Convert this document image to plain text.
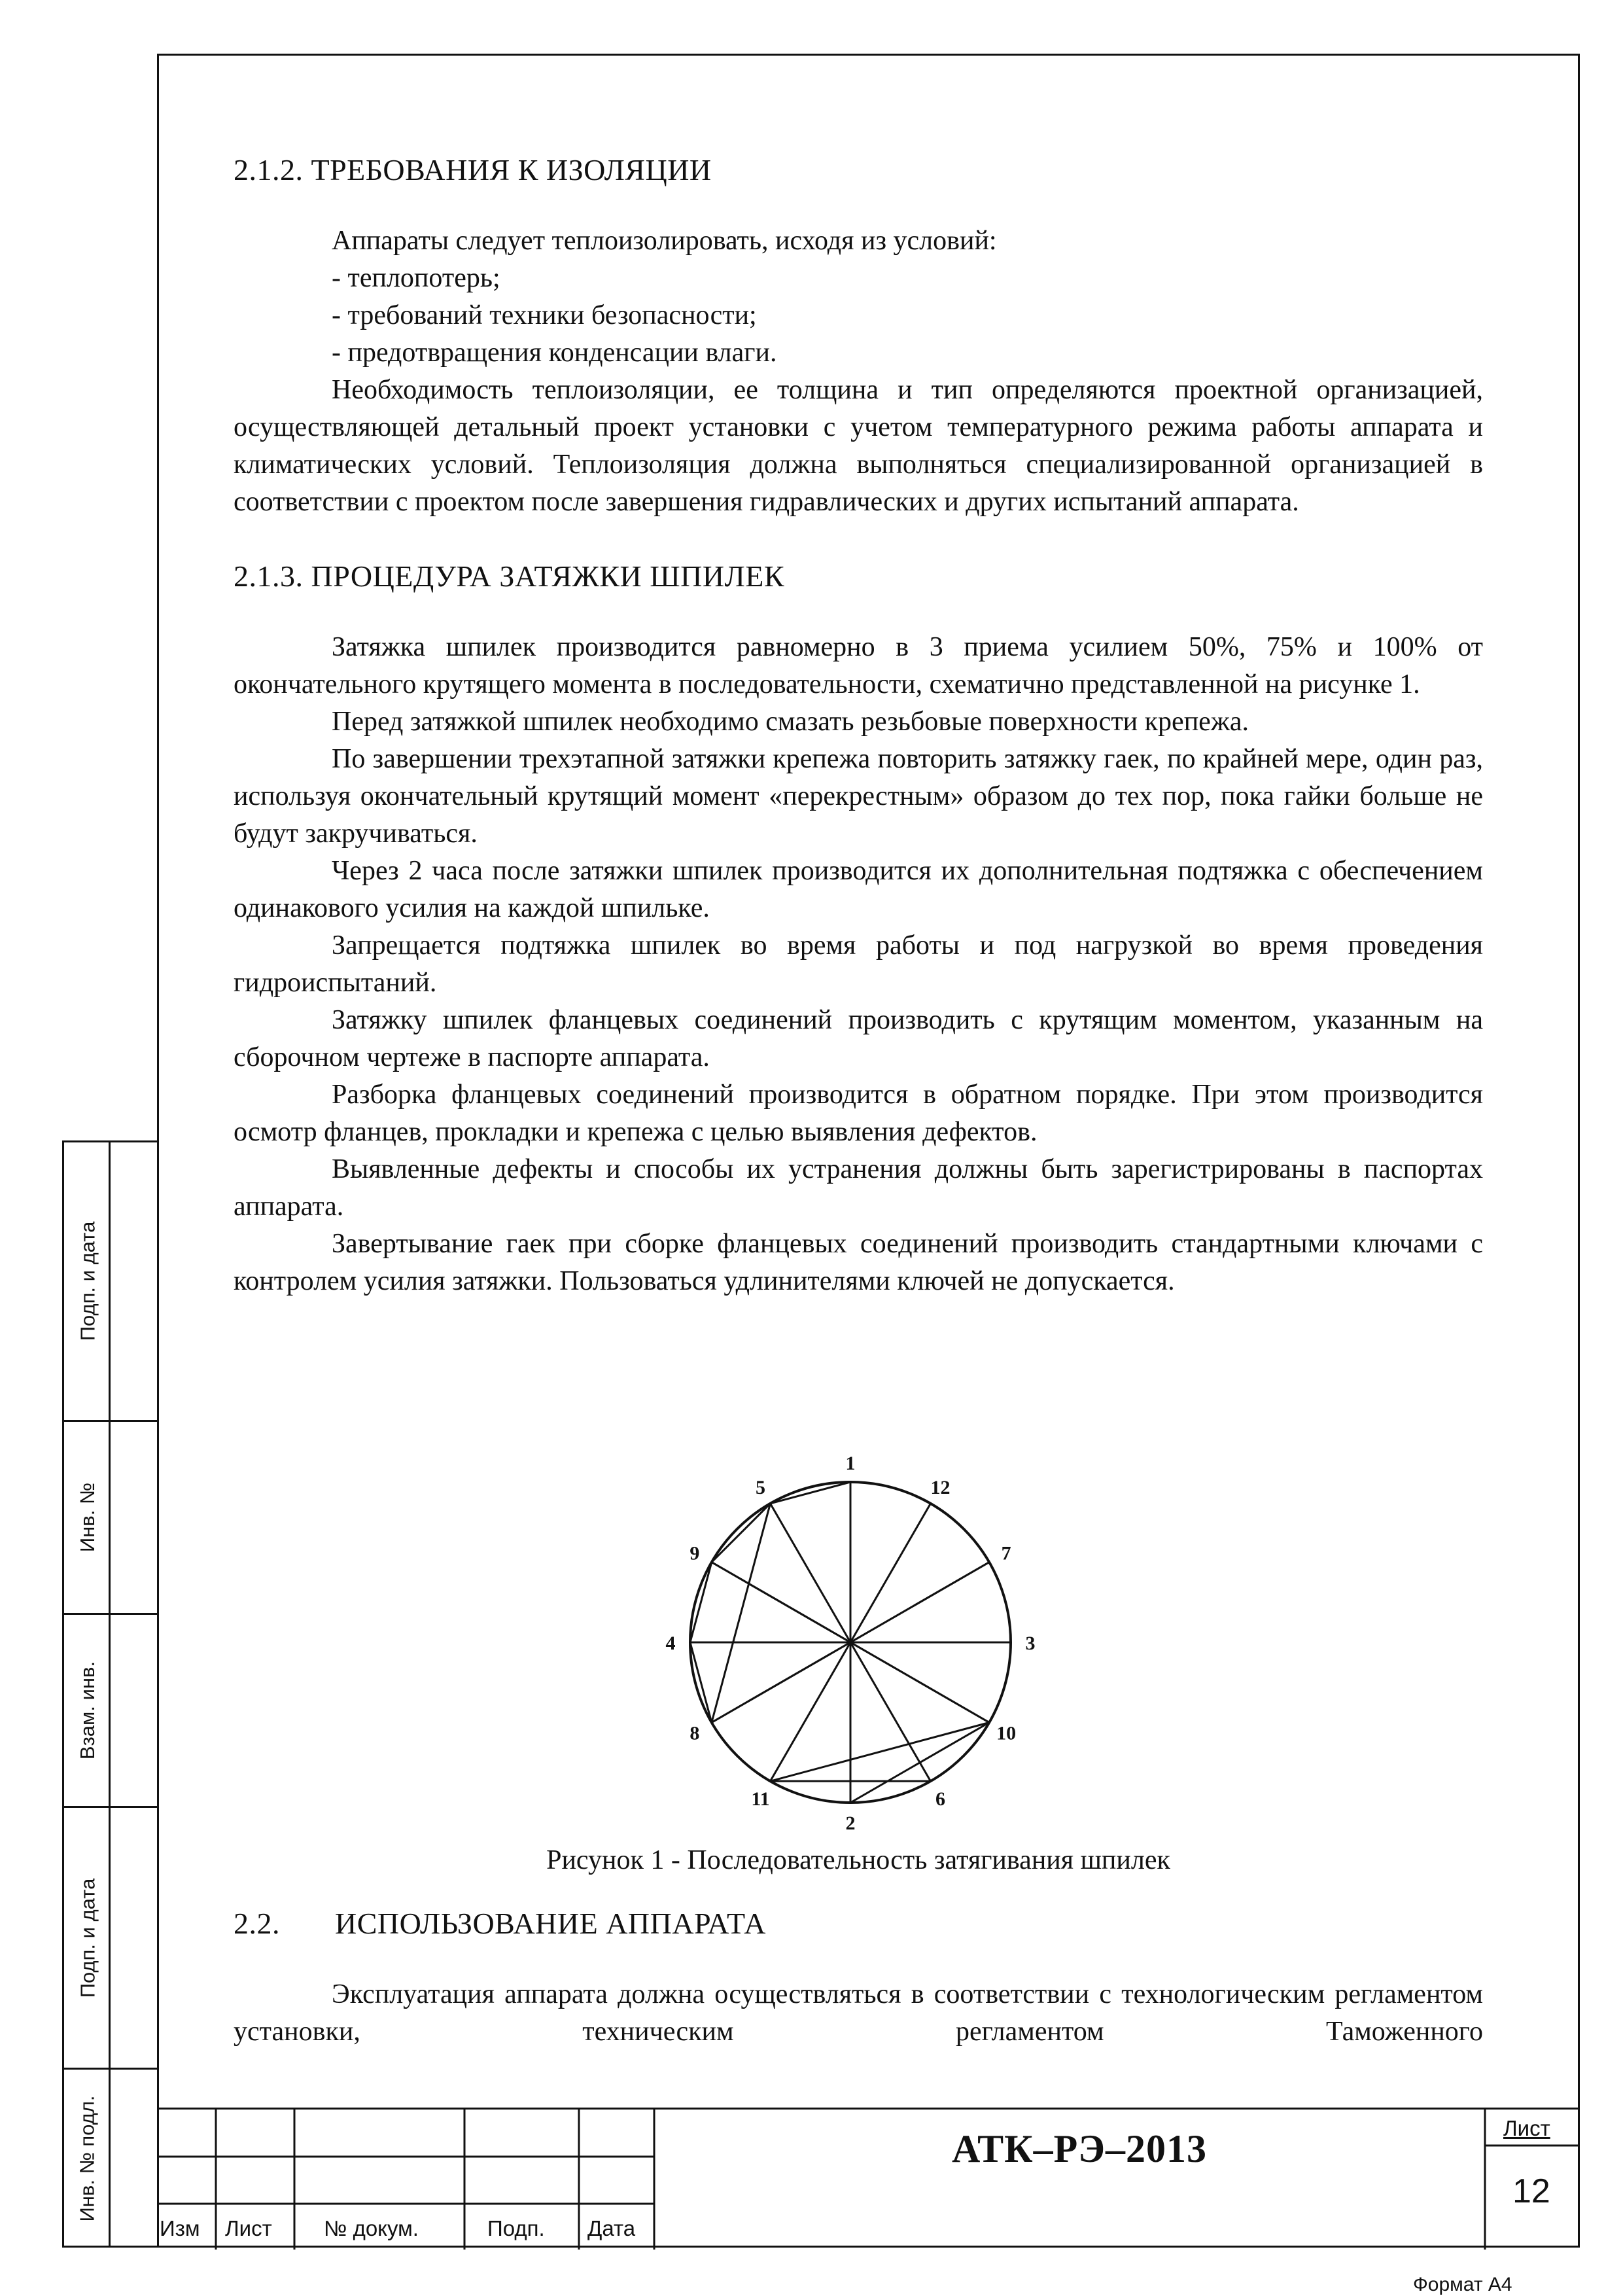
Подп. и дата
Инв. №
Взам. инв.
Подп. и дата
Инв. № подл.
2.1.2. ТРЕБОВАНИЯ К ИЗОЛЯЦИИ

Аппараты следует теплоизолировать, исходя из условий:

- теплопотерь;

- требований техники безопасности;

- предотвращения конденсации влаги.

Необходимость теплоизоляции, ее толщина и тип определяются проектной организацией, осуществляющей детальный проект установки с учетом температурного режима работы аппарата и климатических условий. Теплоизоляция должна выполняться специализированной организацией в соответствии с проектом после завершения гидравлических и других испытаний аппарата.

2.1.3. ПРОЦЕДУРА ЗАТЯЖКИ ШПИЛЕК

Затяжка шпилек производится равномерно в 3 приема усилием 50%, 75% и 100% от окончательного крутящего момента в последовательности, схематично представленной на рисунке 1.

Перед затяжкой шпилек необходимо смазать резьбовые поверхности крепежа.

По завершении трехэтапной затяжки крепежа повторить затяжку гаек, по крайней мере, один раз, используя окончательный крутящий момент «перекрестным» образом до тех пор, пока гайки больше не будут закручиваться.

Через 2 часа после затяжки шпилек производится их дополнительная подтяжка с обеспечением одинакового усилия на каждой шпильке.

Запрещается подтяжка шпилек во время работы и под нагрузкой во время проведения гидроиспытаний.

Затяжку шпилек фланцевых соединений производить с крутящим моментом, указанным на сборочном чертеже в паспорте аппарата.

Разборка фланцевых соединений производится в обратном порядке. При этом производится осмотр фланцев, прокладки и крепежа с целью выявления дефектов.

Выявленные дефекты и способы их устранения должны быть зарегистрированы в паспортах аппарата.

Завертывание гаек при сборке фланцевых соединений производить стандартными ключами с контролем усилия затяжки. Пользоваться удлинителями ключей не допускается.

1
12
7
3
10
6
2
11
8
4
9
5
Рисунок 1 - Последовательность затягивания шпилек
2.2.	ИСПОЛЬЗОВАНИЕ АППАРАТА

Эксплуатация аппарата должна осуществляться в соответствии с технологическим регламентом установки, техническим регламентом Таможенного

Изм Лист № докум.	Подп. Дата
Лист
12
АТК–РЭ–2013
Формат А4
